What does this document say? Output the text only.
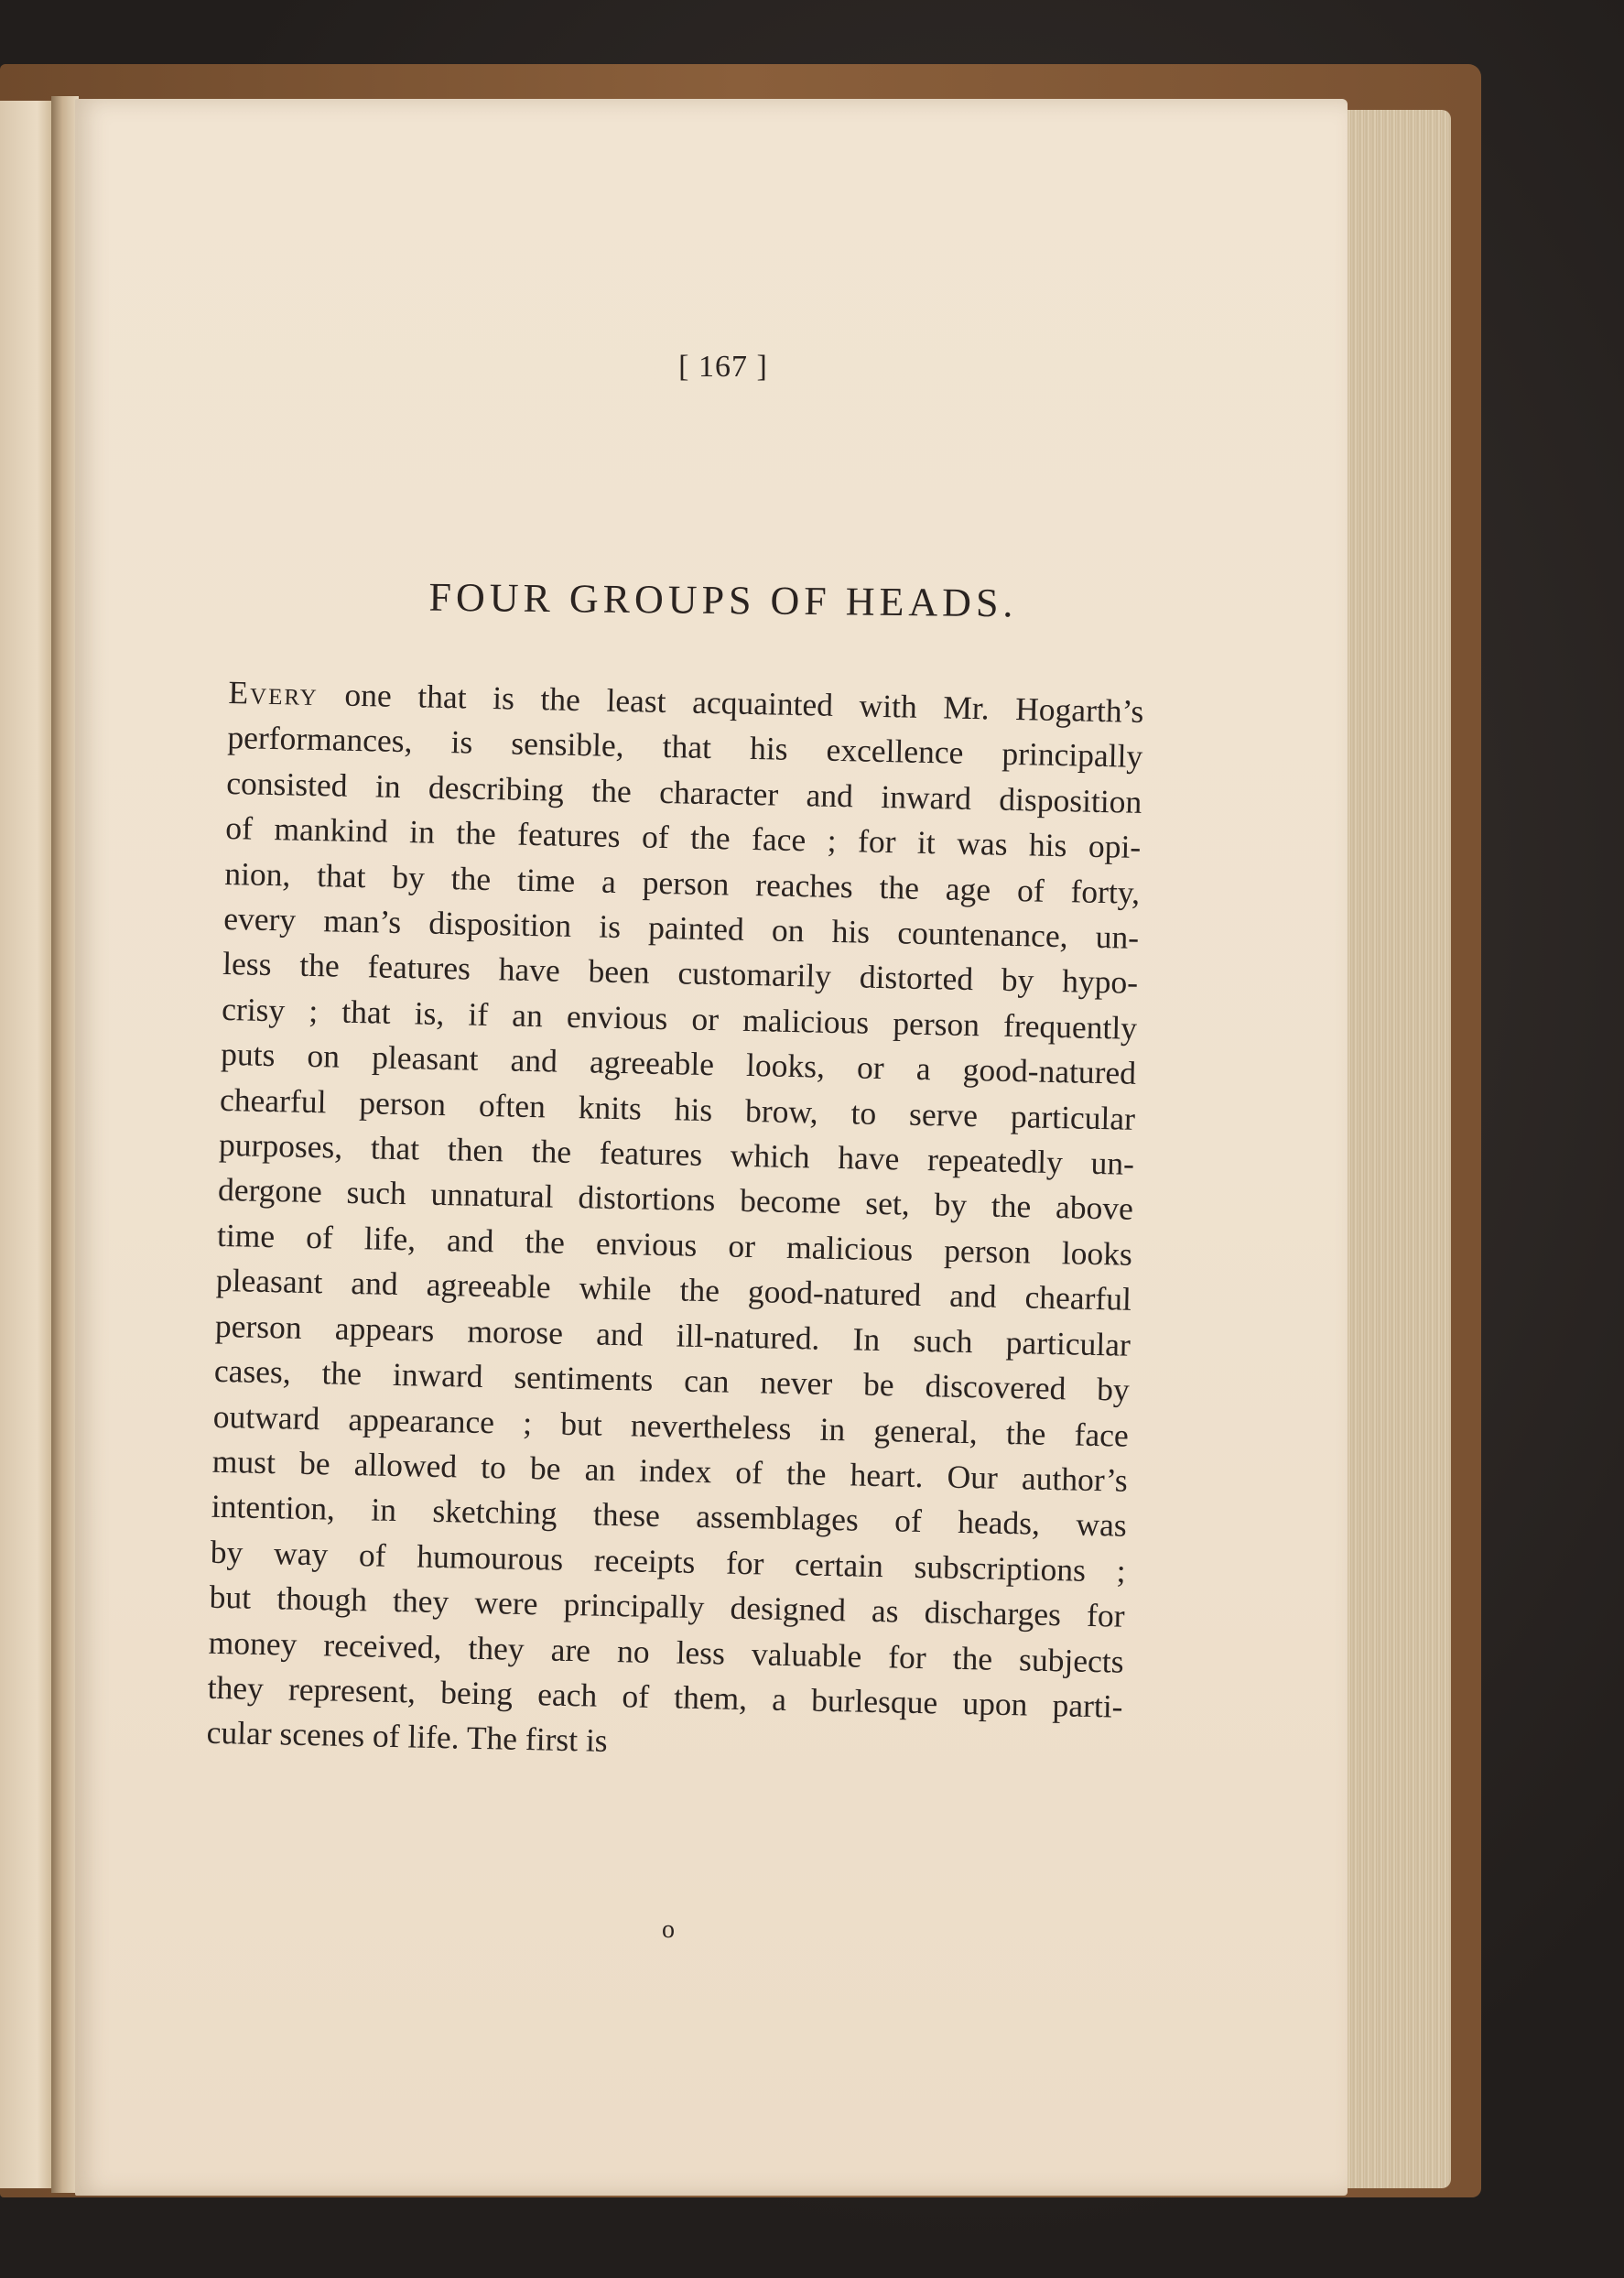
[ 167 ]
FOUR GROUPS OF HEADS.
Every one that is the least acquainted with Mr. Hogarth’s
performances, is sensible, that his excellence principally
consisted in describing the character and inward disposition
of mankind in the features of the face ; for it was his opi-
nion, that by the time a person reaches the age of forty,
every man’s disposition is painted on his countenance, un-
less the features have been customarily distorted by hypo-
crisy ; that is, if an envious or malicious person frequently
puts on pleasant and agreeable looks, or a good-natured
chearful person often knits his brow, to serve particular
purposes, that then the features which have repeatedly un-
dergone such unnatural distortions become set, by the above
time of life, and the envious or malicious person looks
pleasant and agreeable while the good-natured and chearful
person appears morose and ill-natured. In such particular
cases, the inward sentiments can never be discovered by
outward appearance ; but nevertheless in general, the face
must be allowed to be an index of the heart. Our author’s
intention, in sketching these assemblages of heads, was
by way of humourous receipts for certain subscriptions ;
but though they were principally designed as discharges for
money received, they are no less valuable for the subjects
they represent, being each of them, a burlesque upon parti-
cular scenes of life. The first is
o
